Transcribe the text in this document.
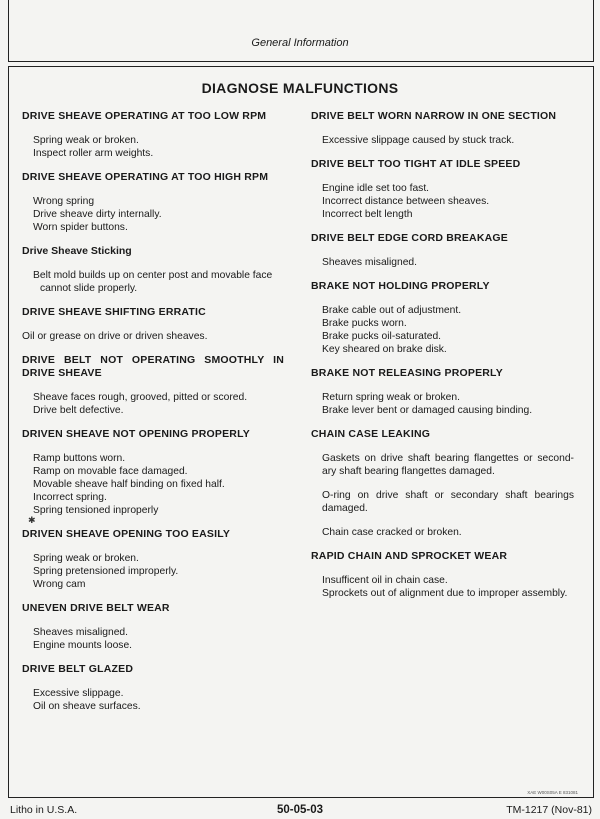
General Information
DIAGNOSE MALFUNCTIONS
DRIVE SHEAVE OPERATING AT TOO LOW RPM
Spring weak or broken.
Inspect roller arm weights.
DRIVE SHEAVE OPERATING AT TOO HIGH RPM
Wrong spring
Drive sheave dirty internally.
Worn spider buttons.
Drive Sheave Sticking
Belt mold builds up on center post and movable face
cannot slide properly.
DRIVE SHEAVE SHIFTING ERRATIC
Oil or grease on drive or driven sheaves.
DRIVE BELT NOT OPERATING SMOOTHLY IN DRIVE SHEAVE
Sheave faces rough, grooved, pitted or scored.
Drive belt defective.
DRIVEN SHEAVE NOT OPENING PROPERLY
Ramp buttons worn.
Ramp on movable face damaged.
Movable sheave half binding on fixed half.
Incorrect spring.
Spring tensioned inproperly
DRIVEN SHEAVE OPENING TOO EASILY
Spring weak or broken.
Spring pretensioned improperly.
Wrong cam
UNEVEN DRIVE BELT WEAR
Sheaves misaligned.
Engine mounts loose.
DRIVE BELT GLAZED
Excessive slippage.
Oil on sheave surfaces.
DRIVE BELT WORN NARROW IN ONE SECTION
Excessive slippage caused by stuck track.
DRIVE BELT TOO TIGHT AT IDLE SPEED
Engine idle set too fast.
Incorrect distance between sheaves.
Incorrect belt length
DRIVE BELT EDGE CORD BREAKAGE
Sheaves misaligned.
BRAKE NOT HOLDING PROPERLY
Brake cable out of adjustment.
Brake pucks worn.
Brake pucks oil-saturated.
Key sheared on brake disk.
BRAKE NOT RELEASING PROPERLY
Return spring weak or broken.
Brake lever bent or damaged causing binding.
CHAIN CASE LEAKING
Gaskets on drive shaft bearing flangettes or second-ary shaft bearing flangettes damaged.
O-ring on drive shaft or secondary shaft bearings damaged.
Chain case cracked or broken.
RAPID CHAIN AND SPROCKET WEAR
Insufficent oil in chain case.
Sprockets out of alignment due to improper assembly.
✱
XAE W00S05A E 831081
Litho in U.S.A.	50-05-03	TM-1217 (Nov-81)
